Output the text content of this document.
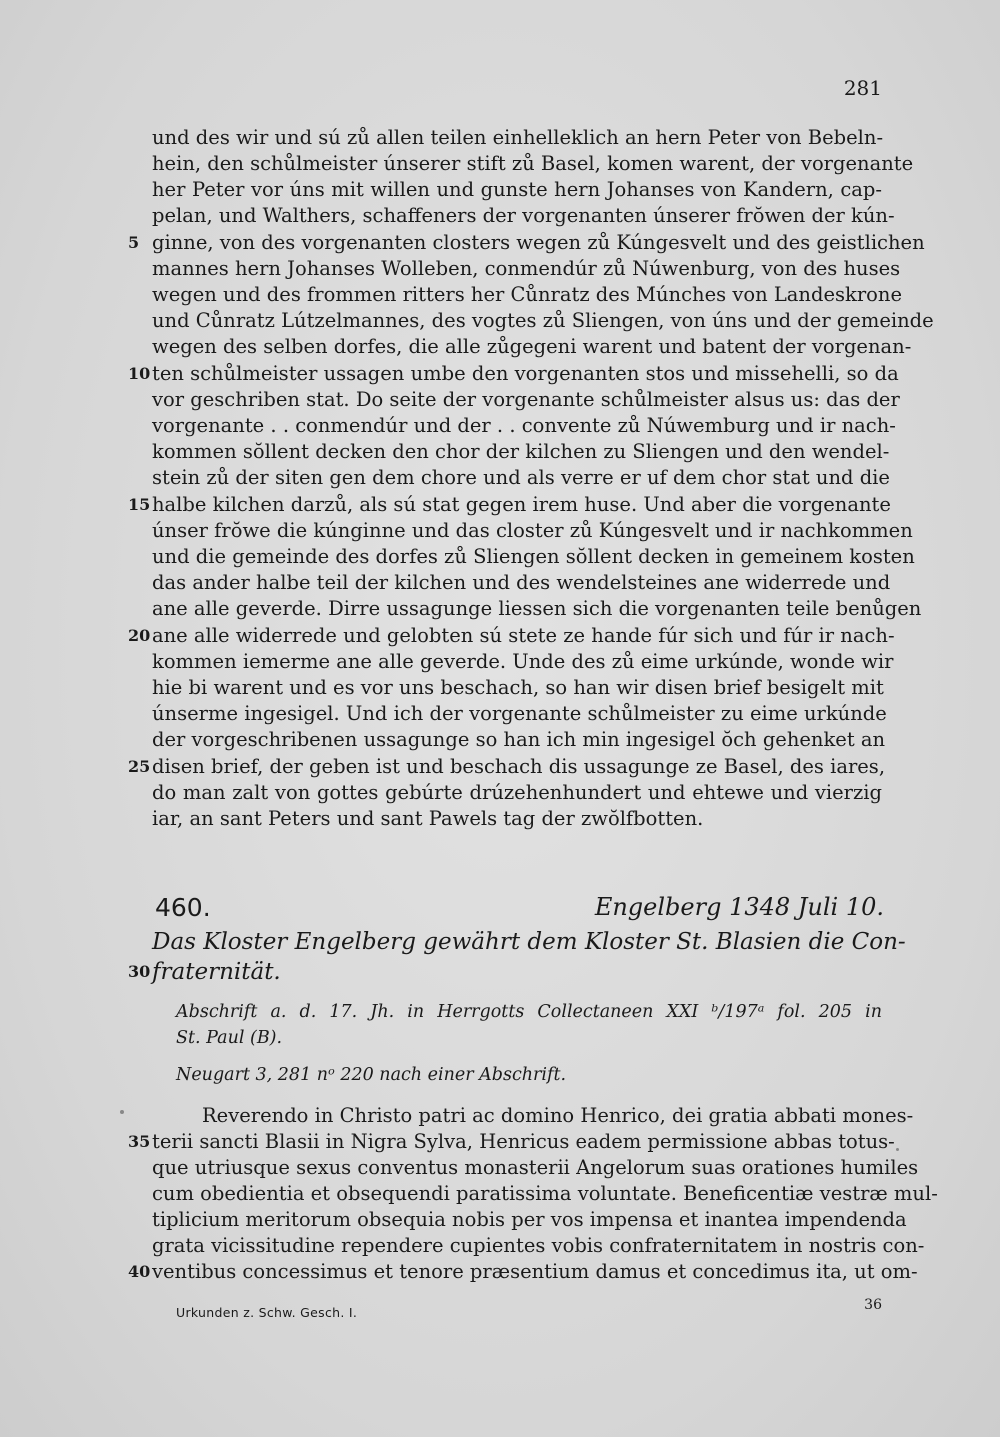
281
und des wir und sú zů allen teilen einhelleklich an hern Peter von Bebeln-
hein, den schůlmeister únserer stift zů Basel, komen warent, der vorgenante
her Peter vor úns mit willen und gunste hern Johanses von Kandern, cap-
pelan, und Walthers, schaffeners der vorgenanten únserer frŏwen der kún-
5 ginne, von des vorgenanten closters wegen zů Kúngesvelt und des geistlichen
mannes hern Johanses Wolleben, conmendúr zů Núwenburg, von des huses
wegen und des frommen ritters her Cůnratz des Múnches von Landeskrone
und Cůnratz Lútzelmannes, des vogtes zů Sliengen, von úns und der gemeinde
wegen des selben dorfes, die alle zůgegeni warent und batent der vorgenan-
10 ten schůlmeister ussagen umbe den vorgenanten stos und missehelli, so da
vor geschriben stat. Do seite der vorgenante schůlmeister alsus us: das der
vorgenante . . conmendúr und der . . convente zů Núwemburg und ir nach-
kommen sŏllent decken den chor der kilchen zu Sliengen und den wendel-
stein zů der siten gen dem chore und als verre er uf dem chor stat und die
15 halbe kilchen darzů, als sú stat gegen irem huse. Und aber die vorgenante
únser frŏwe die kúnginne und das closter zů Kúngesvelt und ir nachkommen
und die gemeinde des dorfes zů Sliengen sŏllent decken in gemeinem kosten
das ander halbe teil der kilchen und des wendelsteines ane widerrede und
ane alle geverde. Dirre ussagunge liessen sich die vorgenanten teile benůgen
20 ane alle widerrede und gelobten sú stete ze hande fúr sich und fúr ir nach-
kommen iemerme ane alle geverde. Unde des zů eime urkúnde, wonde wir
hie bi warent und es vor uns beschach, so han wir disen brief besigelt mit
únserme ingesigel. Und ich der vorgenante schůlmeister zu eime urkúnde
der vorgeschribenen ussagunge so han ich min ingesigel ŏch gehenket an
25 disen brief, der geben ist und beschach dis ussagunge ze Basel, des iares,
do man zalt von gottes gebúrte drúzehenhundert und ehtewe und vierzig
iar, an sant Peters und sant Pawels tag der zwŏlfbotten.
460.	Engelberg 1348 Juli 10.
Das Kloster Engelberg gewährt dem Kloster St. Blasien die Con-
30 fraternität.
Abschrift a. d. 17. Jh. in Herrgotts Collectaneen XXI ᵇ/197ᵃ fol. 205 in
St. Paul (B).
Neugart 3, 281 nᵒ 220 nach einer Abschrift.
Reverendo in Christo patri ac domino Henrico, dei gratia abbati mones-
35 terii sancti Blasii in Nigra Sylva, Henricus eadem permissione abbas totus-
que utriusque sexus conventus monasterii Angelorum suas orationes humiles
cum obedientia et obsequendi paratissima voluntate. Beneficentiæ vestræ mul-
tiplicium meritorum obsequia nobis per vos impensa et inantea impendenda
grata vicissitudine rependere cupientes vobis confraternitatem in nostris con-
40 ventibus concessimus et tenore præsentium damus et concedimus ita, ut om-
Urkunden z. Schw. Gesch. I.	36
